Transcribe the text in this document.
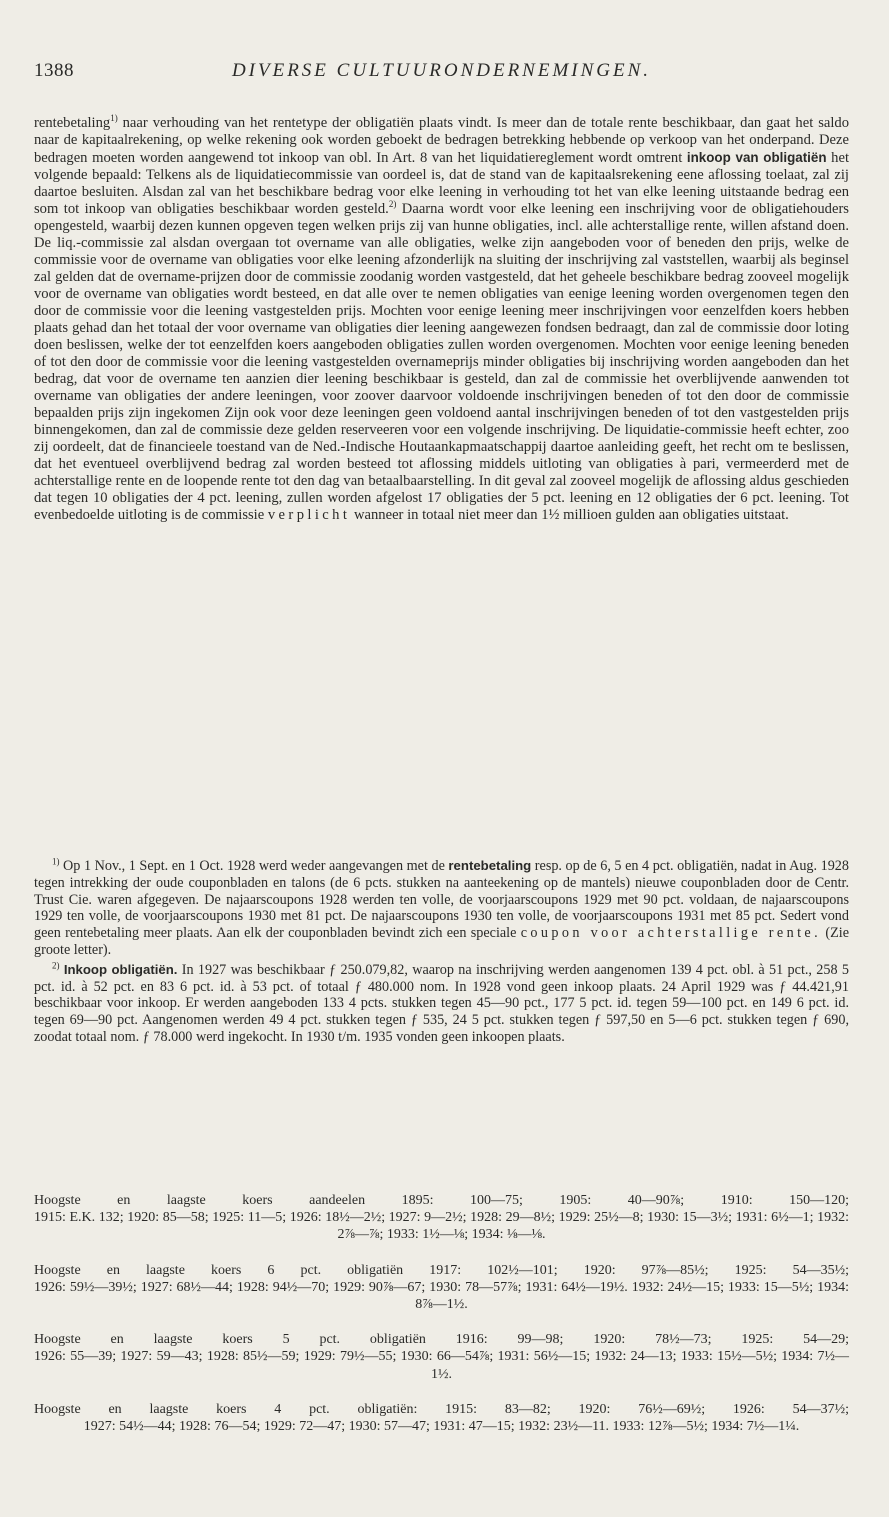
1388	DIVERSE CULTUURONDERNEMINGEN.
rentebetaling$^{1)}$ naar verhouding van het rentetype der obligatiën plaats vindt. Is meer dan de totale rente beschikbaar, dan gaat het saldo naar de kapitaalrekening, op welke rekening ook worden geboekt de bedragen betrekking hebbende op verkoop van het onderpand. Deze bedragen moeten worden aangewend tot inkoop van obl. In Art. 8 van het liquidatiereglement wordt omtrent inkoop van obligatiën het volgende bepaald: Telkens als de liquidatiecommissie van oordeel is, dat de stand van de kapitaalsrekening eene aflossing toelaat, zal zij daartoe besluiten. Alsdan zal van het beschikbare bedrag voor elke leening in verhouding tot het van elke leening uitstaande bedrag een som tot inkoop van obligaties beschikbaar worden gesteld.$^{2)}$ Daarna wordt voor elke leening een inschrijving voor de obligatiehouders opengesteld, waarbij dezen kunnen opgeven tegen welken prijs zij van hunne obligaties, incl. alle achterstallige rente, willen afstand doen. De liq.-commissie zal alsdan overgaan tot overname van alle obligaties, welke zijn aangeboden voor of beneden den prijs, welke de commissie voor de overname van obligaties voor elke leening afzonderlijk na sluiting der inschrijving zal vaststellen, waarbij als beginsel zal gelden dat de overname-prijzen door de commissie zoodanig worden vastgesteld, dat het geheele beschikbare bedrag zooveel mogelijk voor de overname van obligaties wordt besteed, en dat alle over te nemen obligaties van eenige leening worden overgenomen tegen den door de commissie voor die leening vastgestelden prijs. Mochten voor eenige leening meer inschrijvingen voor eenzelfden koers hebben plaats gehad dan het totaal der voor overname van obligaties dier leening aangewezen fondsen bedraagt, dan zal de commissie door loting doen beslissen, welke der tot eenzelfden koers aangeboden obligaties zullen worden overgenomen. Mochten voor eenige leening beneden of tot den door de commissie voor die leening vastgestelden overnameprijs minder obligaties bij inschrijving worden aangeboden dan het bedrag, dat voor de overname ten aanzien dier leening beschikbaar is gesteld, dan zal de commissie het overblijvende aanwenden tot overname van obligaties der andere leeningen, voor zoover daarvoor voldoende inschrijvingen beneden of tot den door de commissie bepaalden prijs zijn ingekomen Zijn ook voor deze leeningen geen voldoend aantal inschrijvingen beneden of tot den vastgestelden prijs binnengekomen, dan zal de commissie deze gelden reserveeren voor een volgende inschrijving. De liquidatie-commissie heeft echter, zoo zij oordeelt, dat de financieele toestand van de Ned.-Indische Houtaankapmaatschappij daartoe aanleiding geeft, het recht om te beslissen, dat het eventueel overblijvend bedrag zal worden besteed tot aflossing middels uitloting van obligaties à pari, vermeerderd met de achterstallige rente en de loopende rente tot den dag van betaalbaarstelling. In dit geval zal zooveel mogelijk de aflossing aldus geschieden dat tegen 10 obligaties der 4 pct. leening, zullen worden afgelost 17 obligaties der 5 pct. leening en 12 obligaties der 6 pct. leening. Tot evenbedoelde uitloting is de commissie verplicht wanneer in totaal niet meer dan 1½ millioen gulden aan obligaties uitstaat.

$^{1)}$ Op 1 Nov., 1 Sept. en 1 Oct. 1928 werd weder aangevangen met de rentebetaling resp. op de 6, 5 en 4 pct. obligatiën, nadat in Aug. 1928 tegen intrekking der oude couponbladen en talons (de 6 pcts. stukken na aanteekening op de mantels) nieuwe couponbladen door de Centr. Trust Cie. waren afgegeven. De najaarscoupons 1928 werden ten volle, de voorjaarscoupons 1929 met 90 pct. voldaan, de najaarscoupons 1929 ten volle, de voorjaarscoupons 1930 met 81 pct. De najaarscoupons 1930 ten volle, de voorjaarscoupons 1931 met 85 pct. Sedert vond geen rentebetaling meer plaats. Aan elk der couponbladen bevindt zich een speciale coupon voor achterstallige rente. (Zie groote letter).

$^{2)}$ Inkoop obligatiën. In 1927 was beschikbaar ƒ 250.079,82, waarop na inschrijving werden aangenomen 139 4 pct. obl. à 51 pct., 258 5 pct. id. à 52 pct. en 83 6 pct. id. à 53 pct. of totaal ƒ 480.000 nom. In 1928 vond geen inkoop plaats. 24 April 1929 was ƒ 44.421,91 beschikbaar voor inkoop. Er werden aangeboden 133 4 pcts. stukken tegen 45—90 pct., 177 5 pct. id. tegen 59—100 pct. en 149 6 pct. id. tegen 69—90 pct. Aangenomen werden 49 4 pct. stukken tegen ƒ 535, 24 5 pct. stukken tegen ƒ 597,50 en 5—6 pct. stukken tegen ƒ 690, zoodat totaal nom. ƒ 78.000 werd ingekocht. In 1930 t/m. 1935 vonden geen inkoopen plaats.

Hoogste en laagste koers aandeelen 1895: 100—75; 1905: 40—90⅞; 1910: 150—120;
1915: E.K. 132; 1920: 85—58; 1925: 11—5; 1926: 18½—2½; 1927: 9—2½; 1928: 29—8½; 1929: 25½—8; 1930: 15—3½; 1931: 6½—1; 1932: 2⅞—⅞; 1933: 1½—⅛; 1934: ⅛—⅛.

Hoogste en laagste koers 6 pct. obligatiën 1917: 102½—101; 1920: 97⅞—85½; 1925: 54—35½;
1926: 59½—39½; 1927: 68½—44; 1928: 94½—70; 1929: 90⅞—67; 1930: 78—57⅞; 1931: 64½—19½. 1932: 24½—15; 1933: 15—5½; 1934: 8⅞—1½.

Hoogste en laagste koers 5 pct. obligatiën 1916: 99—98; 1920: 78½—73; 1925: 54—29;
1926: 55—39; 1927: 59—43; 1928: 85½—59; 1929: 79½—55; 1930: 66—54⅞; 1931: 56½—15; 1932: 24—13; 1933: 15½—5½; 1934: 7½—1½.

Hoogste en laagste koers 4 pct. obligatiën: 1915: 83—82; 1920: 76½—69½; 1926: 54—37½;
1927: 54½—44; 1928: 76—54; 1929: 72—47; 1930: 57—47; 1931: 47—15; 1932: 23½—11. 1933: 12⅞—5½; 1934: 7½—1¼.
